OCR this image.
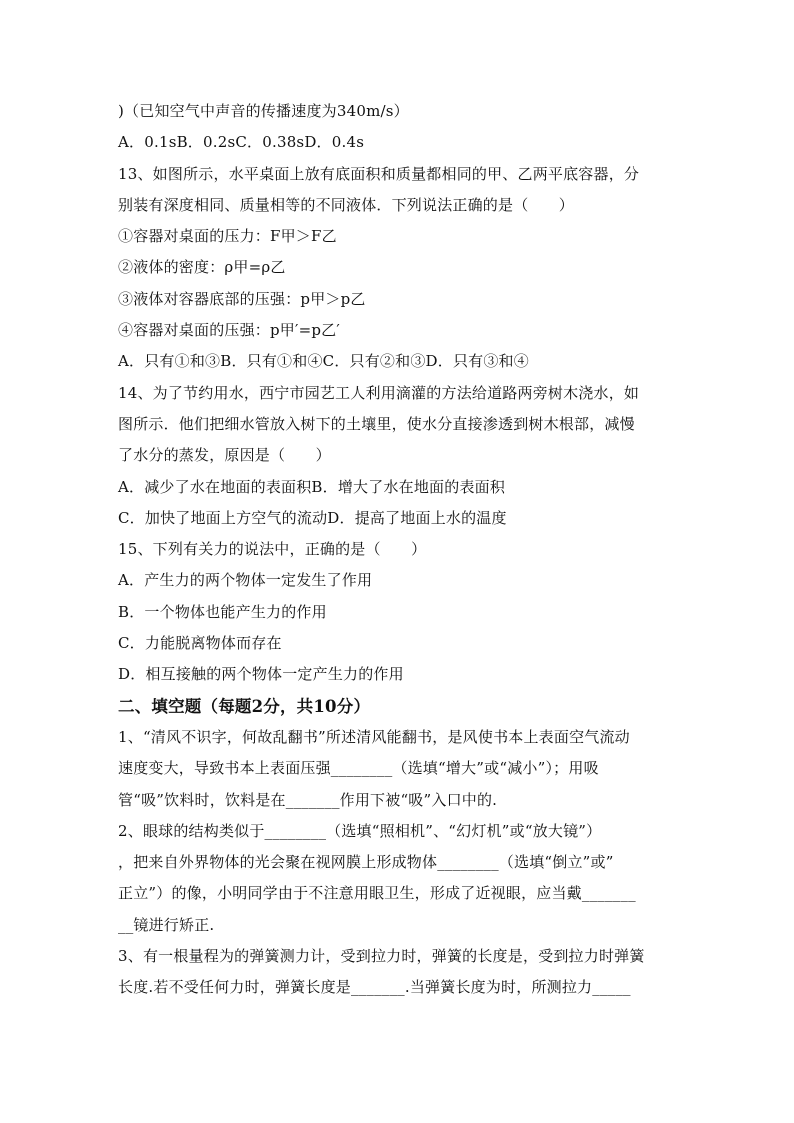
)（已知空气中声音的传播速度为340m/s）
A．0.1sB．0.2sC．0.38sD．0.4s
13、如图所示，水平桌面上放有底面积和质量都相同的甲、乙两平底容器，分
别装有深度相同、质量相等的不同液体．下列说法正确的是（　　）
①容器对桌面的压力：F甲＞F乙
②液体的密度：ρ甲=ρ乙
③液体对容器底部的压强：p甲＞p乙
④容器对桌面的压强：p甲′=p乙′
A．只有①和③B．只有①和④C．只有②和③D．只有③和④
14、为了节约用水，西宁市园艺工人利用滴灌的方法给道路两旁树木浇水，如
图所示．他们把细水管放入树下的土壤里，使水分直接渗透到树木根部，减慢
了水分的蒸发，原因是（　　）
A．减少了水在地面的表面积B．增大了水在地面的表面积
C．加快了地面上方空气的流动D．提高了地面上水的温度
15、下列有关力的说法中，正确的是（　　）
A．产生力的两个物体一定发生了作用
B．一个物体也能产生力的作用
C．力能脱离物体而存在
D．相互接触的两个物体一定产生力的作用
二、填空题（每题2分，共10分）
1、“清风不识字，何故乱翻书”所述清风能翻书，是风使书本上表面空气流动
速度变大，导致书本上表面压强________（选填“增大”或“减小”）；用吸
管“吸”饮料时，饮料是在_______作用下被“吸”入口中的.
2、眼球的结构类似于________（选填“照相机”、“幻灯机”或“放大镜”）
，把来自外界物体的光会聚在视网膜上形成物体________（选填“倒立”或”
正立”）的像，小明同学由于不注意用眼卫生，形成了近视眼，应当戴_______
__镜进行矫正.
3、有一根量程为的弹簧测力计，受到拉力时，弹簧的长度是，受到拉力时弹簧
长度.若不受任何力时，弹簧长度是_______.当弹簧长度为时，所测拉力_____
